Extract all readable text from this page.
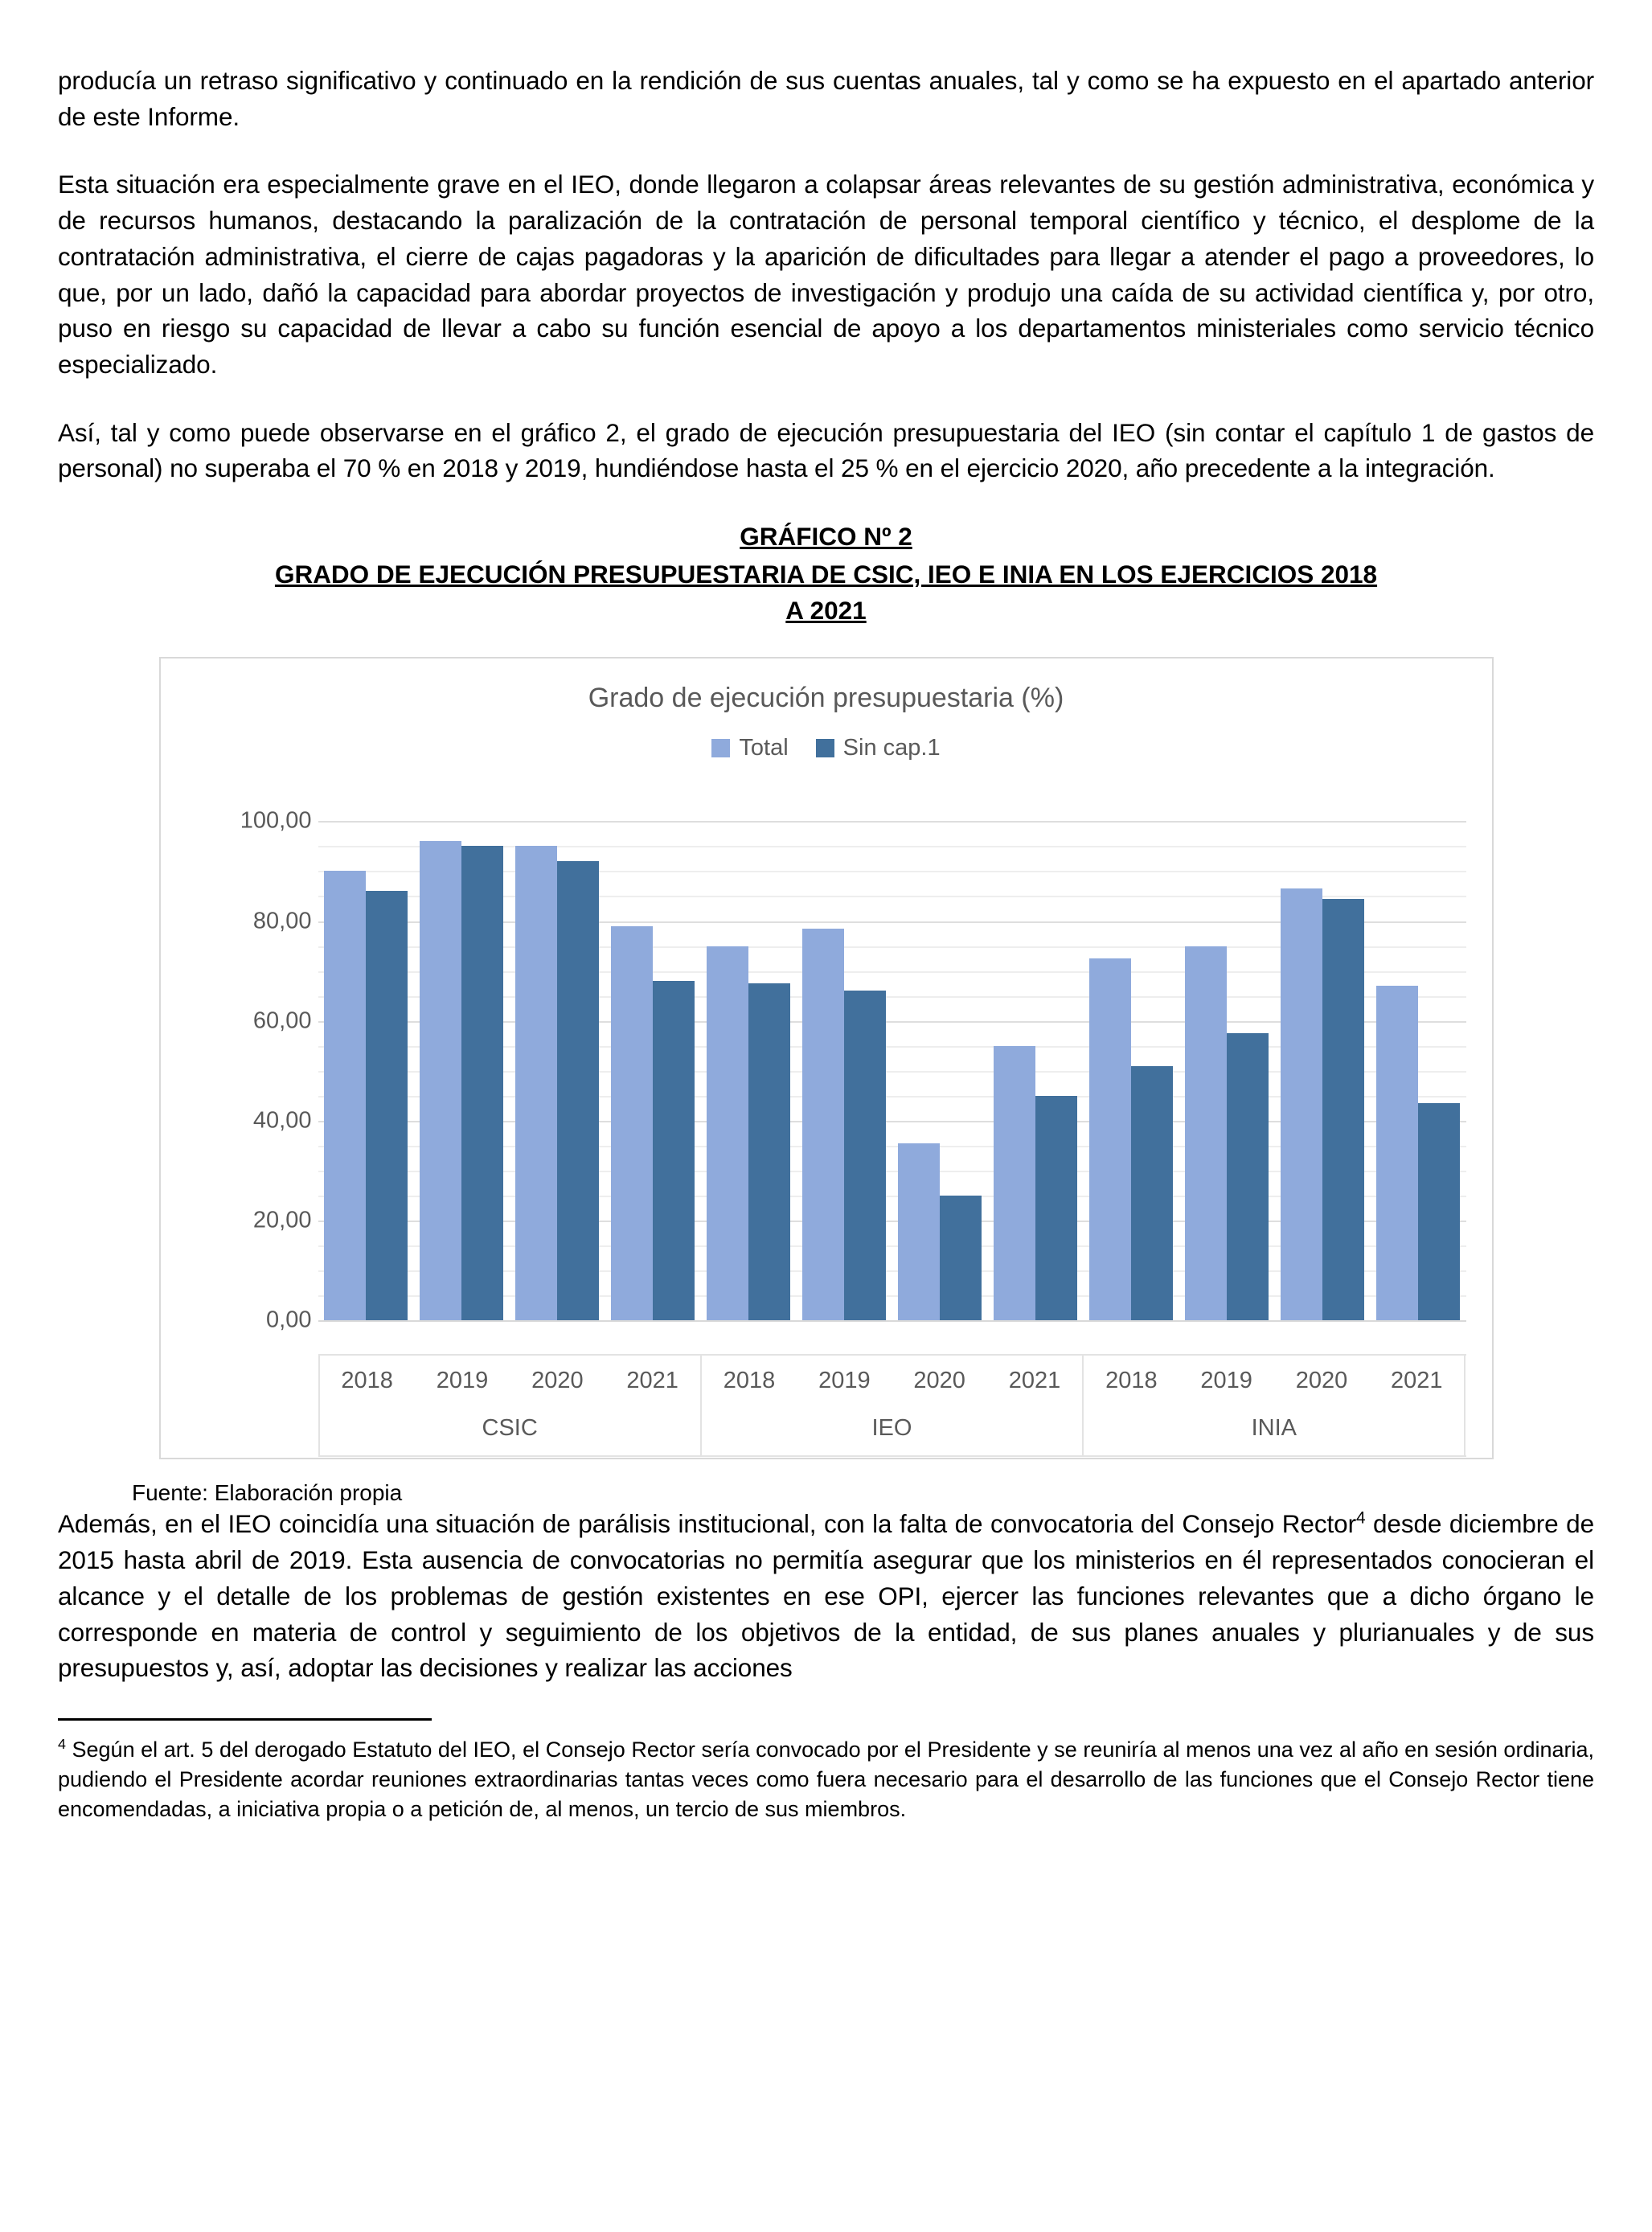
producía un retraso significativo y continuado en la rendición de sus cuentas anuales, tal y como se ha expuesto en el apartado anterior de este Informe.

Esta situación era especialmente grave en el IEO, donde llegaron a colapsar áreas relevantes de su gestión administrativa, económica y de recursos humanos, destacando la paralización de la contratación de personal temporal científico y técnico, el desplome de la contratación administrativa, el cierre de cajas pagadoras y la aparición de dificultades para llegar a atender el pago a proveedores, lo que, por un lado, dañó la capacidad para abordar proyectos de investigación y produjo una caída de su actividad científica y, por otro, puso en riesgo su capacidad de llevar a cabo su función esencial de apoyo a los departamentos ministeriales como servicio técnico especializado.

Así, tal y como puede observarse en el gráfico 2, el grado de ejecución presupuestaria del IEO (sin contar el capítulo 1 de gastos de personal) no superaba el 70 % en 2018 y 2019, hundiéndose hasta el 25 % en el ejercicio 2020, año precedente a la integración.

GRÁFICO Nº 2
GRADO DE EJECUCIÓN PRESUPUESTARIA DE CSIC, IEO E INIA EN LOS EJERCICIOS 2018
A 2021
Grado de ejecución presupuestaria (%)
Total Sin cap.1
100,00
80,00
60,00
40,00
20,00
0,00
2018	2019	2020	2021
CSIC
2018	2019	2020	2021
IEO
2018	2019	2020	2021
INIA
Fuente: Elaboración propia

Además, en el IEO coincidía una situación de parálisis institucional, con la falta de convocatoria del Consejo Rector$^4$ desde diciembre de 2015 hasta abril de 2019. Esta ausencia de convocatorias no permitía asegurar que los ministerios en él representados conocieran el alcance y el detalle de los problemas de gestión existentes en ese OPI, ejercer las funciones relevantes que a dicho órgano le corresponde en materia de control y seguimiento de los objetivos de la entidad, de sus planes anuales y plurianuales y de sus presupuestos y, así, adoptar las decisiones y realizar las acciones

$^4$ Según el art. 5 del derogado Estatuto del IEO, el Consejo Rector sería convocado por el Presidente y se reuniría al menos una vez al año en sesión ordinaria, pudiendo el Presidente acordar reuniones extraordinarias tantas veces como fuera necesario para el desarrollo de las funciones que el Consejo Rector tiene encomendadas, a iniciativa propia o a petición de, al menos, un tercio de sus miembros.
